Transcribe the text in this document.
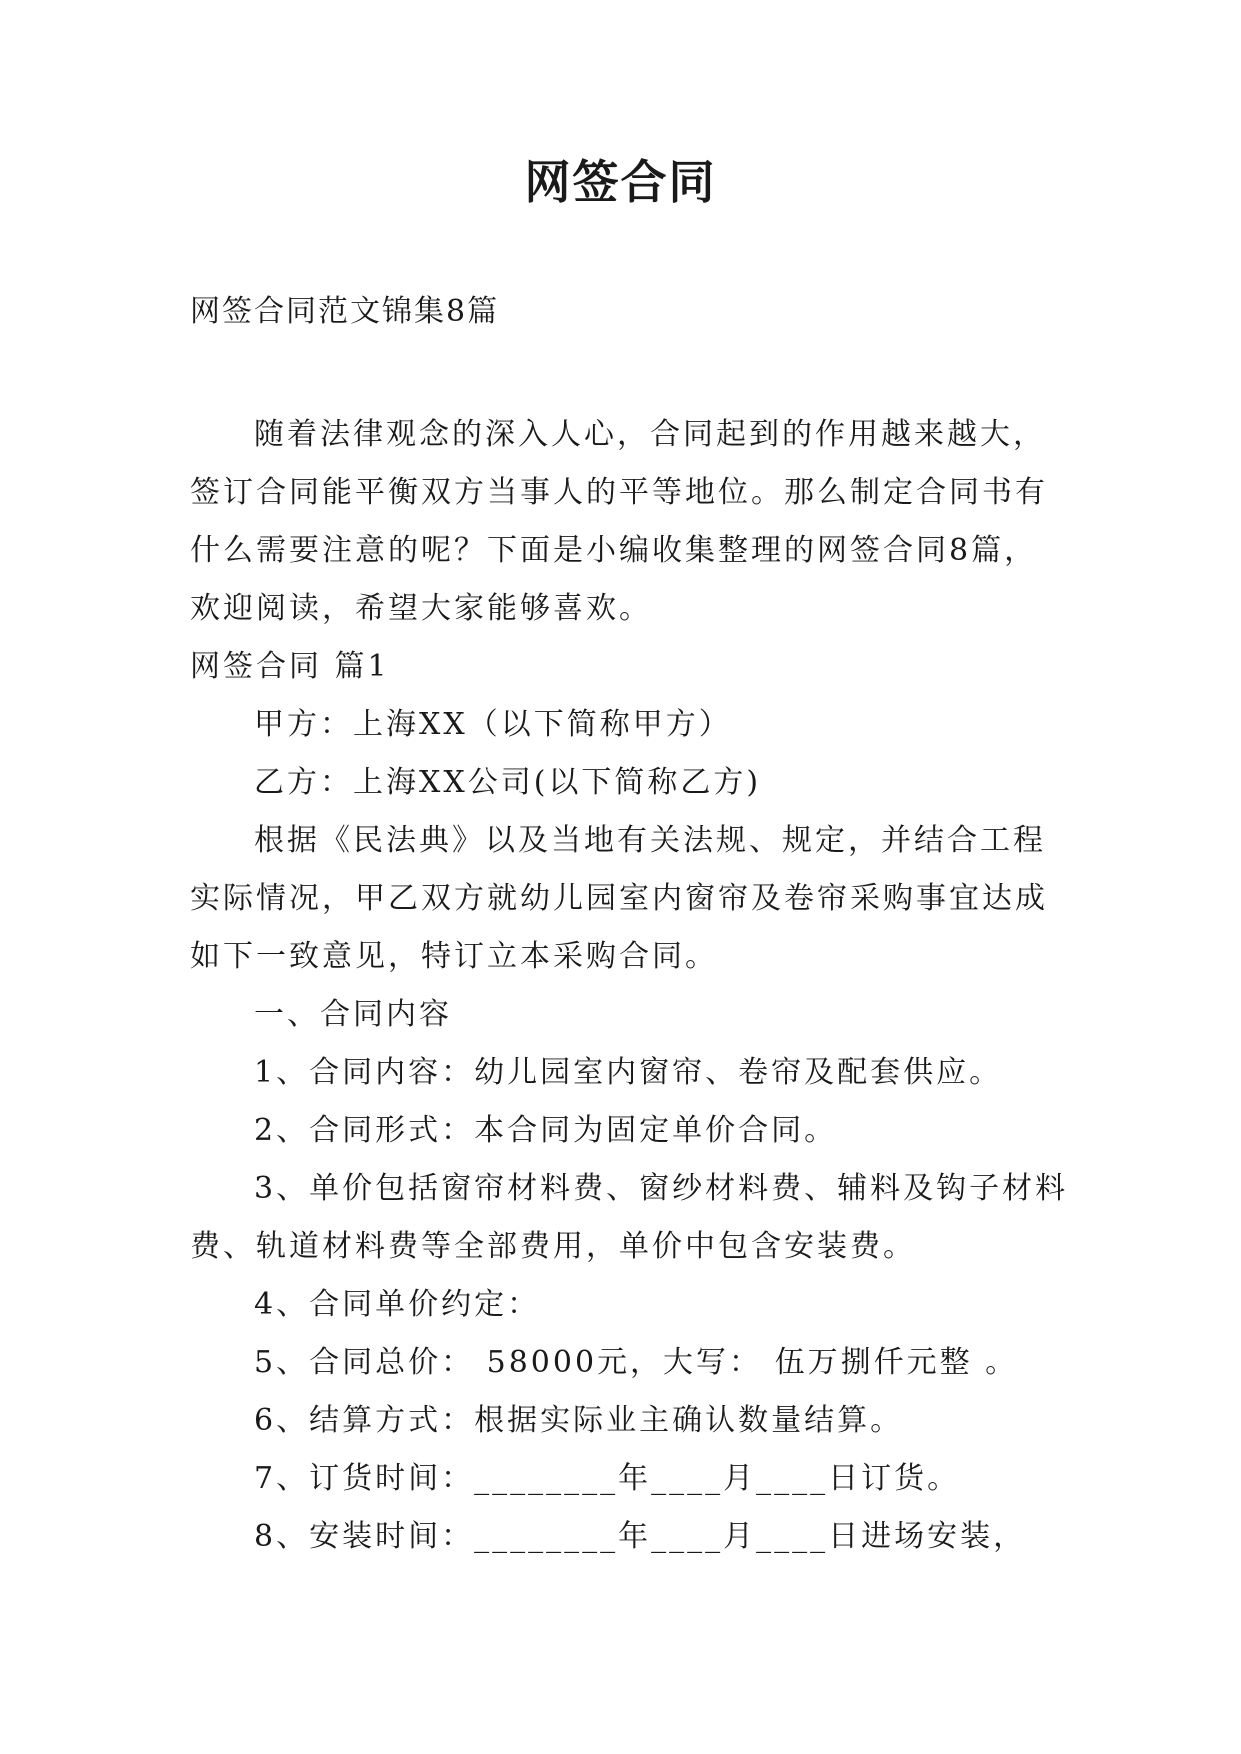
网签合同
网签合同范文锦集8篇

随着法律观念的深入人心，合同起到的作用越来越大，签订合同能平衡双方当事人的平等地位。那么制定合同书有什么需要注意的呢？下面是小编收集整理的网签合同8篇，欢迎阅读，希望大家能够喜欢。

网签合同 篇1

甲方：上海XX（以下简称甲方）

乙方：上海XX公司(以下简称乙方)

根据《民法典》以及当地有关法规、规定，并结合工程实际情况，甲乙双方就幼儿园室内窗帘及卷帘采购事宜达成如下一致意见，特订立本采购合同。

一、合同内容

1、合同内容：幼儿园室内窗帘、卷帘及配套供应。

2、合同形式：本合同为固定单价合同。

3、单价包括窗帘材料费、窗纱材料费、辅料及钩子材料费、轨道材料费等全部费用，单价中包含安装费。

4、合同单价约定：

5、合同总价： 58000元，大写： 伍万捌仟元整 。

6、结算方式：根据实际业主确认数量结算。

7、订货时间：________年____月____日订货。

8、安装时间：________年____月____日进场安装，
